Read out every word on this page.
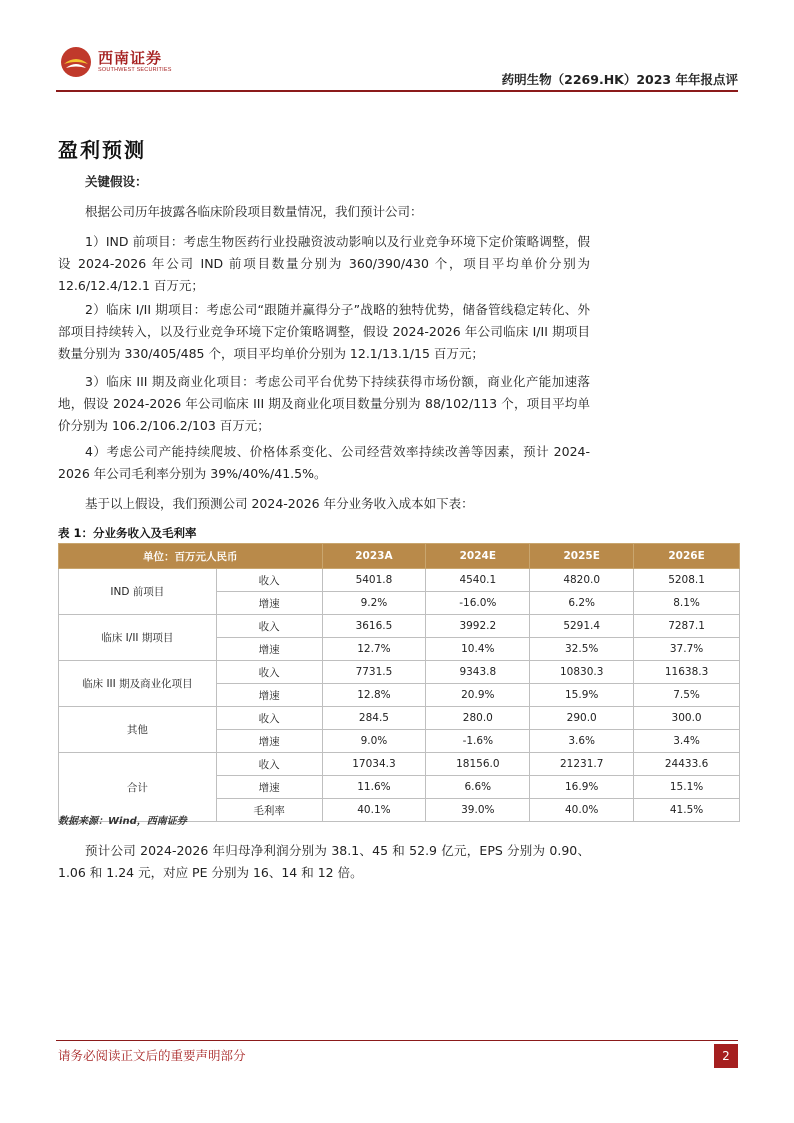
西南证券
SOUTHWEST SECURITIES
药明生物（2269.HK）2023 年年报点评
盈利预测
关键假设：
根据公司历年披露各临床阶段项目数量情况，我们预计公司：
1）IND 前项目：考虑生物医药行业投融资波动影响以及行业竞争环境下定价策略调整，假设 2024-2026 年公司 IND 前项目数量分别为 360/390/430 个，项目平均单价分别为 12.6/12.4/12.1 百万元；
2）临床 I/II 期项目：考虑公司“跟随并赢得分子”战略的独特优势，储备管线稳定转化、外部项目持续转入，以及行业竞争环境下定价策略调整，假设 2024-2026 年公司临床 I/II 期项目数量分别为 330/405/485 个，项目平均单价分别为 12.1/13.1/15 百万元；
3）临床 III 期及商业化项目：考虑公司平台优势下持续获得市场份额，商业化产能加速落地，假设 2024-2026 年公司临床 III 期及商业化项目数量分别为 88/102/113 个，项目平均单价分别为 106.2/106.2/103 百万元；
4）考虑公司产能持续爬坡、价格体系变化、公司经营效率持续改善等因素，预计 2024-2026 年公司毛利率分别为 39%/40%/41.5%。
基于以上假设，我们预测公司 2024-2026 年分业务收入成本如下表：
表 1：分业务收入及毛利率
单位：百万元人民币		2023A	2024E	2025E	2026E
IND 前项目	收入	5401.8	4540.1	4820.0	5208.1
	增速	9.2%	-16.0%	6.2%	8.1%
临床 I/II 期项目	收入	3616.5	3992.2	5291.4	7287.1
	增速	12.7%	10.4%	32.5%	37.7%
临床 III 期及商业化项目	收入	7731.5	9343.8	10830.3	11638.3
	增速	12.8%	20.9%	15.9%	7.5%
其他	收入	284.5	280.0	290.0	300.0
	增速	9.0%	-1.6%	3.6%	3.4%
合计	收入	17034.3	18156.0	21231.7	24433.6
	增速	11.6%	6.6%	16.9%	15.1%
	毛利率	40.1%	39.0%	40.0%	41.5%
数据来源：Wind，西南证券
预计公司 2024-2026 年归母净利润分别为 38.1、45 和 52.9 亿元，EPS 分别为 0.90、1.06 和 1.24 元，对应 PE 分别为 16、14 和 12 倍。
请务必阅读正文后的重要声明部分	2
